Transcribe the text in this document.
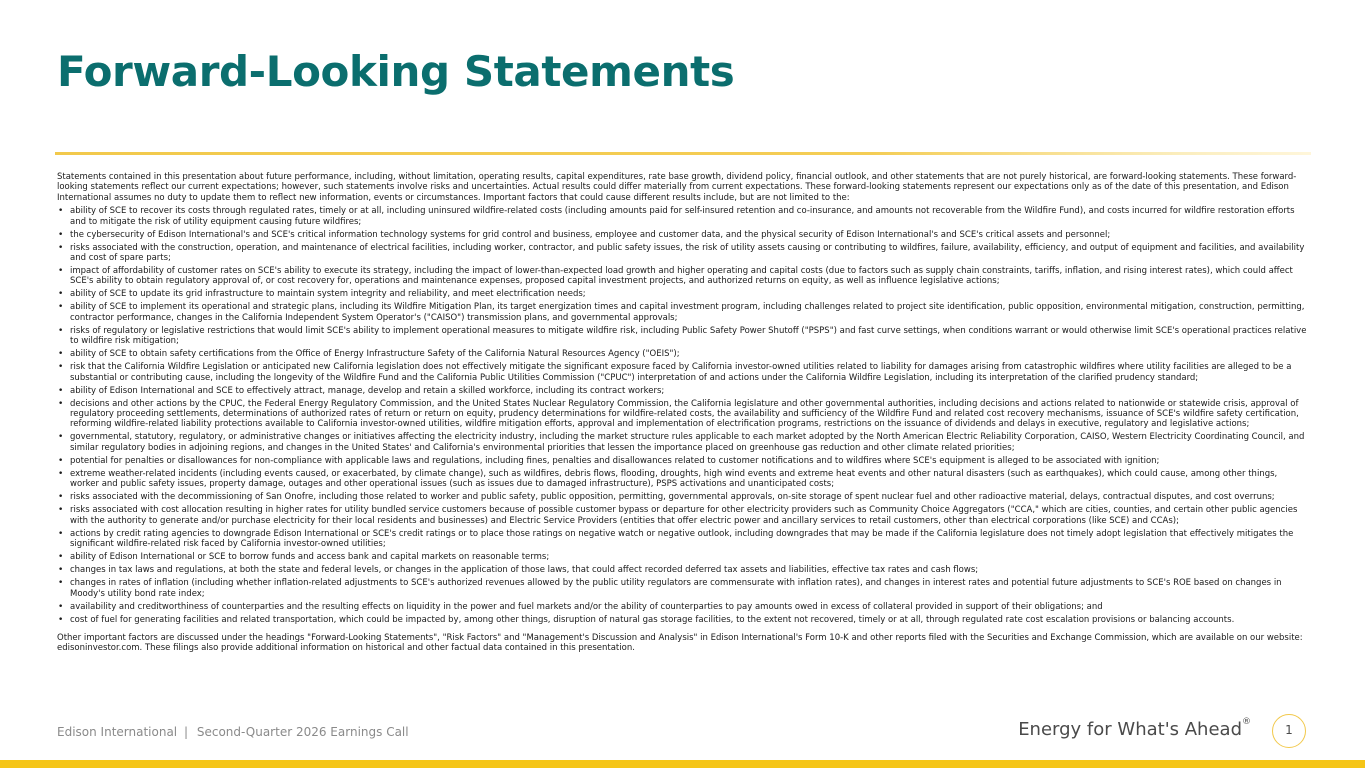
Forward-Looking Statements

Statements contained in this presentation about future performance, including, without limitation, operating results, capital expenditures, rate base growth, dividend policy, financial outlook, and other statements that are not purely historical, are forward-looking statements. These forward-looking statements reflect our current expectations; however, such statements involve risks and uncertainties. Actual results could differ materially from current expectations. These forward-looking statements represent our expectations only as of the date of this presentation, and Edison International assumes no duty to update them to reflect new information, events or circumstances. Important factors that could cause different results include, but are not limited to the:

• ability of SCE to recover its costs through regulated rates, timely or at all, including uninsured wildfire-related costs (including amounts paid for self-insured retention and co-insurance, and amounts not recoverable from the Wildfire Fund), and costs incurred for wildfire restoration efforts and to mitigate the risk of utility equipment causing future wildfires;
• the cybersecurity of Edison International's and SCE's critical information technology systems for grid control and business, employee and customer data, and the physical security of Edison International's and SCE's critical assets and personnel;
• risks associated with the construction, operation, and maintenance of electrical facilities, including worker, contractor, and public safety issues, the risk of utility assets causing or contributing to wildfires, failure, availability, efficiency, and output of equipment and facilities, and availability and cost of spare parts;
• impact of affordability of customer rates on SCE's ability to execute its strategy, including the impact of lower-than-expected load growth and higher operating and capital costs (due to factors such as supply chain constraints, tariffs, inflation, and rising interest rates), which could affect SCE's ability to obtain regulatory approval of, or cost recovery for, operations and maintenance expenses, proposed capital investment projects, and authorized returns on equity, as well as influence legislative actions;
• ability of SCE to update its grid infrastructure to maintain system integrity and reliability, and meet electrification needs;
• ability of SCE to implement its operational and strategic plans, including its Wildfire Mitigation Plan, its target energization times and capital investment program, including challenges related to project site identification, public opposition, environmental mitigation, construction, permitting, contractor performance, changes in the California Independent System Operator's ("CAISO") transmission plans, and governmental approvals;
• risks of regulatory or legislative restrictions that would limit SCE's ability to implement operational measures to mitigate wildfire risk, including Public Safety Power Shutoff ("PSPS") and fast curve settings, when conditions warrant or would otherwise limit SCE's operational practices relative to wildfire risk mitigation;
• ability of SCE to obtain safety certifications from the Office of Energy Infrastructure Safety of the California Natural Resources Agency ("OEIS");
• risk that the California Wildfire Legislation or anticipated new California legislation does not effectively mitigate the significant exposure faced by California investor-owned utilities related to liability for damages arising from catastrophic wildfires where utility facilities are alleged to be a substantial or contributing cause, including the longevity of the Wildfire Fund and the California Public Utilities Commission ("CPUC") interpretation of and actions under the California Wildfire Legislation, including its interpretation of the clarified prudency standard;
• ability of Edison International and SCE to effectively attract, manage, develop and retain a skilled workforce, including its contract workers;
• decisions and other actions by the CPUC, the Federal Energy Regulatory Commission, and the United States Nuclear Regulatory Commission, the California legislature and other governmental authorities, including decisions and actions related to nationwide or statewide crisis, approval of regulatory proceeding settlements, determinations of authorized rates of return or return on equity, prudency determinations for wildfire-related costs, the availability and sufficiency of the Wildfire Fund and related cost recovery mechanisms, issuance of SCE's wildfire safety certification, reforming wildfire-related liability protections available to California investor-owned utilities, wildfire mitigation efforts, approval and implementation of electrification programs, restrictions on the issuance of dividends and delays in executive, regulatory and legislative actions;
• governmental, statutory, regulatory, or administrative changes or initiatives affecting the electricity industry, including the market structure rules applicable to each market adopted by the North American Electric Reliability Corporation, CAISO, Western Electricity Coordinating Council, and similar regulatory bodies in adjoining regions, and changes in the United States' and California's environmental priorities that lessen the importance placed on greenhouse gas reduction and other climate related priorities;
• potential for penalties or disallowances for non-compliance with applicable laws and regulations, including fines, penalties and disallowances related to customer notifications and to wildfires where SCE's equipment is alleged to be associated with ignition;
• extreme weather-related incidents (including events caused, or exacerbated, by climate change), such as wildfires, debris flows, flooding, droughts, high wind events and extreme heat events and other natural disasters (such as earthquakes), which could cause, among other things, worker and public safety issues, property damage, outages and other operational issues (such as issues due to damaged infrastructure), PSPS activations and unanticipated costs;
• risks associated with the decommissioning of San Onofre, including those related to worker and public safety, public opposition, permitting, governmental approvals, on-site storage of spent nuclear fuel and other radioactive material, delays, contractual disputes, and cost overruns;
• risks associated with cost allocation resulting in higher rates for utility bundled service customers because of possible customer bypass or departure for other electricity providers such as Community Choice Aggregators ("CCA," which are cities, counties, and certain other public agencies with the authority to generate and/or purchase electricity for their local residents and businesses) and Electric Service Providers (entities that offer electric power and ancillary services to retail customers, other than electrical corporations (like SCE) and CCAs);
• actions by credit rating agencies to downgrade Edison International or SCE's credit ratings or to place those ratings on negative watch or negative outlook, including downgrades that may be made if the California legislature does not timely adopt legislation that effectively mitigates the significant wildfire-related risk faced by California investor-owned utilities;
• ability of Edison International or SCE to borrow funds and access bank and capital markets on reasonable terms;
• changes in tax laws and regulations, at both the state and federal levels, or changes in the application of those laws, that could affect recorded deferred tax assets and liabilities, effective tax rates and cash flows;
• changes in rates of inflation (including whether inflation-related adjustments to SCE's authorized revenues allowed by the public utility regulators are commensurate with inflation rates), and changes in interest rates and potential future adjustments to SCE's ROE based on changes in Moody's utility bond rate index;
• availability and creditworthiness of counterparties and the resulting effects on liquidity in the power and fuel markets and/or the ability of counterparties to pay amounts owed in excess of collateral provided in support of their obligations; and
• cost of fuel for generating facilities and related transportation, which could be impacted by, among other things, disruption of natural gas storage facilities, to the extent not recovered, timely or at all, through regulated rate cost escalation provisions or balancing accounts.

Other important factors are discussed under the headings "Forward-Looking Statements", "Risk Factors" and "Management's Discussion and Analysis" in Edison International's Form 10-K and other reports filed with the Securities and Exchange Commission, which are available on our website: edisoninvestor.com. These filings also provide additional information on historical and other factual data contained in this presentation.

Edison International | Second-Quarter 2026 Earnings Call	Energy for What's Ahead®
1
